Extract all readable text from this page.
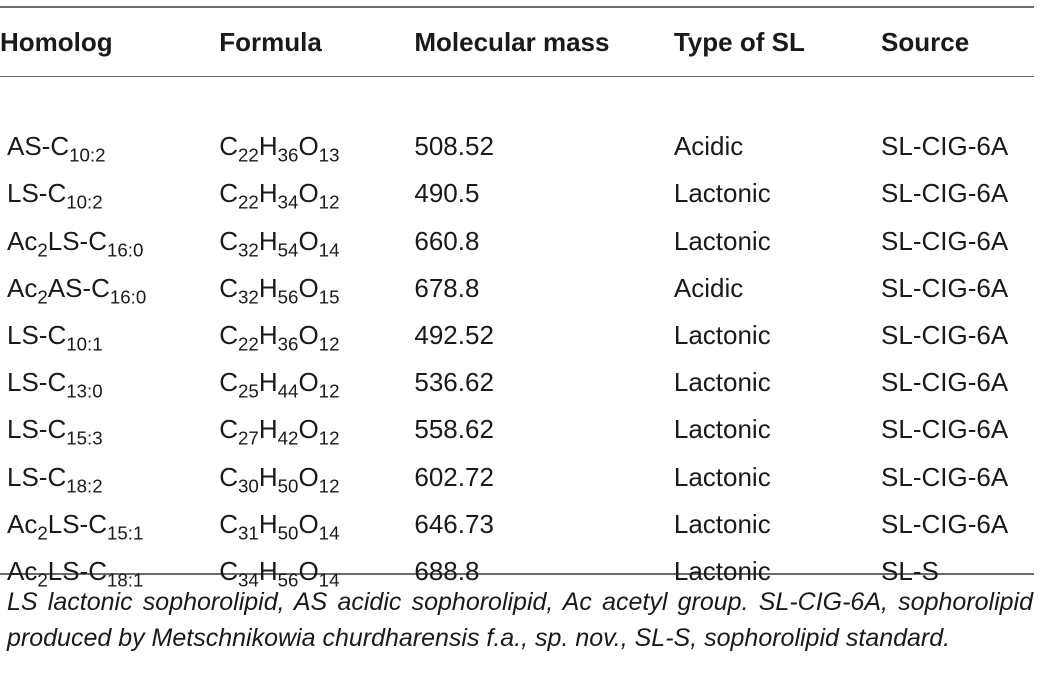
Homolog	Formula	Molecular mass	Type of SL	Source

$AS-C_{10:2}$	$C_{22}H_{36}O_{13}$	508.52	Acidic	SL-CIG-6A
$LS-C_{10:2}$	$C_{22}H_{34}O_{12}$	490.5	Lactonic	SL-CIG-6A
$Ac_2LS-C_{16:0}$	$C_{32}H_{54}O_{14}$	660.8	Lactonic	SL-CIG-6A
$Ac_2AS-C_{16:0}$	$C_{32}H_{56}O_{15}$	678.8	Acidic	SL-CIG-6A
$LS-C_{10:1}$	$C_{22}H_{36}O_{12}$	492.52	Lactonic	SL-CIG-6A
$LS-C_{13:0}$	$C_{25}H_{44}O_{12}$	536.62	Lactonic	SL-CIG-6A
$LS-C_{15:3}$	$C_{27}H_{42}O_{12}$	558.62	Lactonic	SL-CIG-6A
$LS-C_{18:2}$	$C_{30}H_{50}O_{12}$	602.72	Lactonic	SL-CIG-6A
$Ac_2LS-C_{15:1}$	$C_{31}H_{50}O_{14}$	646.73	Lactonic	SL-CIG-6A
$Ac_2LS-C_{18:1}$	$C_{34}H_{56}O_{14}$	688.8	Lactonic	SL-S
LS lactonic sophorolipid, AS acidic sophorolipid, Ac acetyl group. SL-CIG-6A, sophorolipid produced by Metschnikowia churdharensis f.a., sp. nov., SL-S, sophorolipid standard.
